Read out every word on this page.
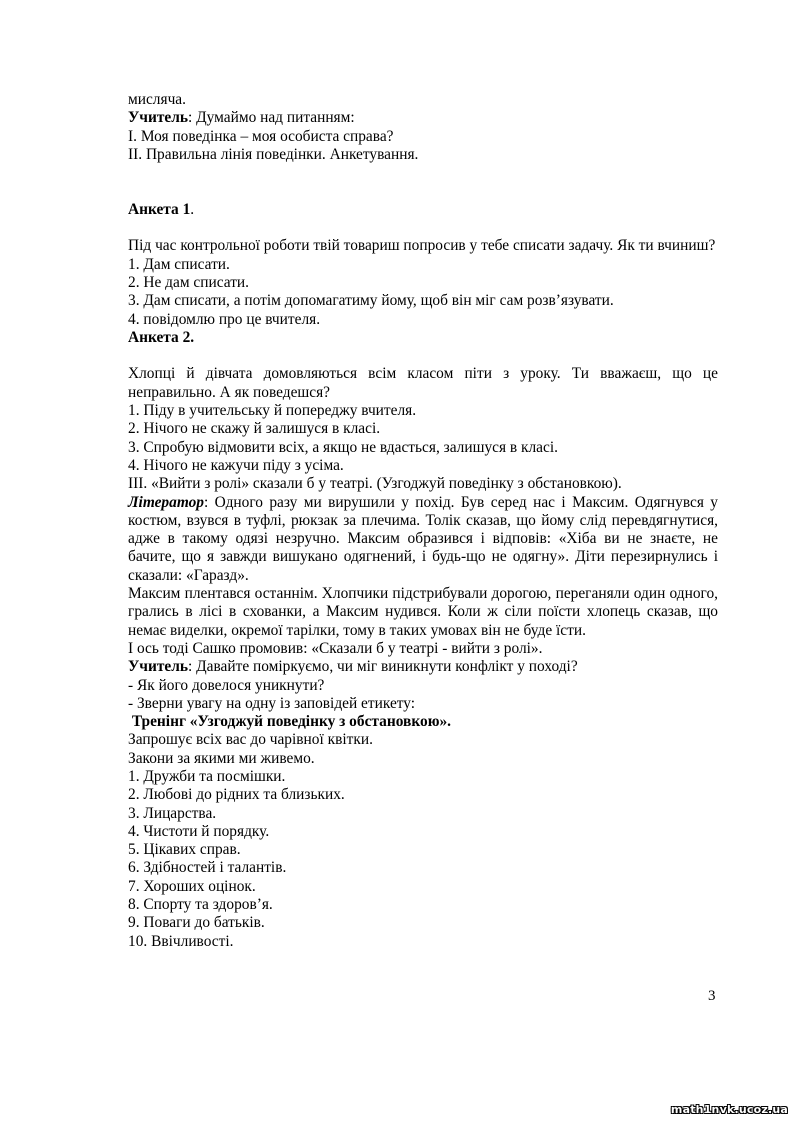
мисляча.
Учитель: Думаймо над питанням:
І. Моя поведінка – моя особиста справа?
ІІ. Правильна лінія поведінки. Анкетування.
Анкета 1.
Під час контрольної роботи твій товариш попросив у тебе списати задачу. Як ти вчиниш?
1. Дам списати.
2. Не дам списати.
3. Дам списати, а потім допомагатиму йому, щоб він міг сам розв’язувати.
4. повідомлю про це вчителя.
Анкета 2.
Хлопці й дівчата домовляються всім класом піти з уроку. Ти вважаєш, що це неправильно. А як поведешся?
1. Піду в учительську й попереджу вчителя.
2. Нічого не скажу й залишуся в класі.
3. Спробую відмовити всіх, а якщо не вдасться, залишуся в класі.
4. Нічого не кажучи піду з усіма.
ІІІ. «Вийти з ролі» сказали б у театрі. (Узгоджуй поведінку з обстановкою).
Літератор: Одного разу ми вирушили у похід. Був серед нас і Максим. Одягнувся у костюм, взувся в туфлі, рюкзак за плечима. Толік сказав, що йому слід перевдягнутися, адже в такому одязі незручно. Максим образився і відповів: «Хіба ви не знаєте, не бачите, що я завжди вишукано одягнений, і будь-що не одягну». Діти перезирнулись і сказали: «Гаразд».
Максим плентався останнім. Хлопчики підстрибували дорогою, переганяли один одного, грались в лісі в схованки, а Максим нудився. Коли ж сіли поїсти хлопець сказав, що немає виделки, окремої тарілки, тому в таких умовах він не буде їсти.
І ось тоді Сашко промовив: «Сказали б у театрі - вийти з ролі».
Учитель: Давайте поміркуємо, чи міг виникнути конфлікт у поході?
- Як його довелося уникнути?
- Зверни увагу на одну із заповідей етикету:
Тренінг «Узгоджуй поведінку з обстановкою».
Запрошує всіх вас до чарівної квітки.
Закони за якими ми живемо.
1. Дружби та посмішки.
2. Любові до рідних та близьких.
3. Лицарства.
4. Чистоти й порядку.
5. Цікавих справ.
6. Здібностей і талантів.
7. Хороших оцінок.
8. Спорту та здоров’я.
9. Поваги до батьків.
10. Ввічливості.
3
math1nvk.ucoz.ua
